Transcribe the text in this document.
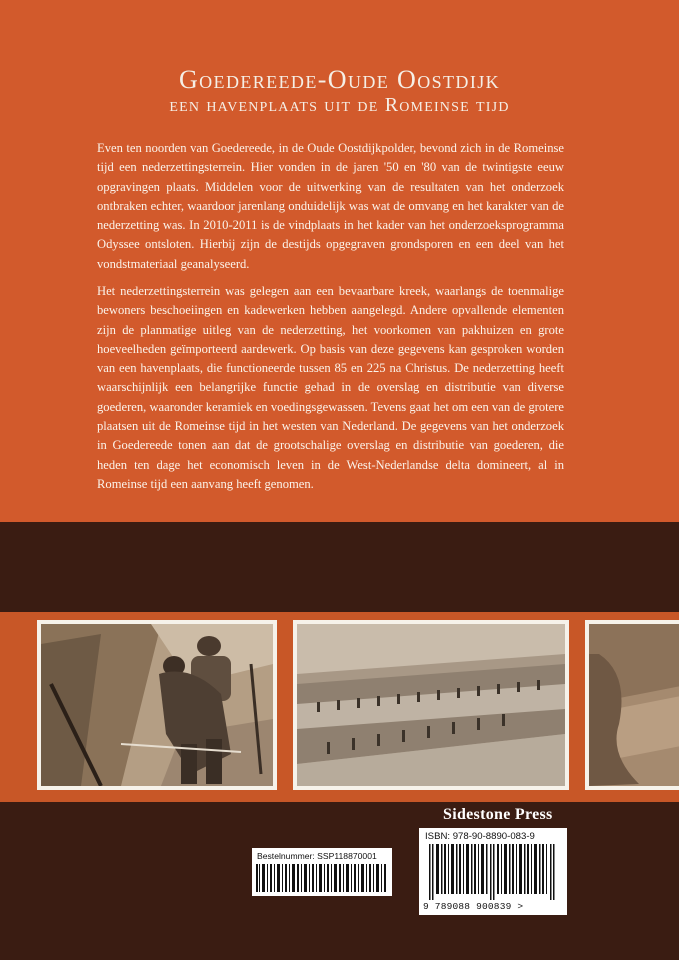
Goedereede-Oude Oostdijk
een havenplaats uit de Romeinse tijd

Even ten noorden van Goedereede, in de Oude Oostdijkpolder, bevond zich in de Romeinse tijd een nederzettingsterrein. Hier vonden in de jaren '50 en '80 van de twintigste eeuw opgravingen plaats. Middelen voor de uitwerking van de resultaten van het onderzoek ontbraken echter, waardoor jarenlang onduidelijk was wat de omvang en het karakter van de nederzetting was. In 2010-2011 is de vindplaats in het kader van het onderzoeksprogramma Odyssee ontsloten. Hierbij zijn de destijds opgegraven grondsporen en een deel van het vondstmateriaal geanalyseerd.

Het nederzettingsterrein was gelegen aan een bevaarbare kreek, waarlangs de toenmalige bewoners beschoeiingen en kadewerken hebben aangelegd. Andere opvallende elementen zijn de planmatige uitleg van de nederzetting, het voorkomen van pakhuizen en grote hoeveelheden geïmporteerd aardewerk. Op basis van deze gegevens kan gesproken worden van een havenplaats, die functioneerde tussen 85 en 225 na Christus. De nederzetting heeft waarschijnlijk een belangrijke functie gehad in de overslag en distributie van diverse goederen, waaronder keramiek en voedingsgewassen. Tevens gaat het om een van de grotere plaatsen uit de Romeinse tijd in het westen van Nederland. De gegevens van het onderzoek in Goedereede tonen aan dat de grootschalige overslag en distributie van goederen, die heden ten dage het economisch leven in de West-Nederlandse delta domineert, al in Romeinse tijd een aanvang heeft genomen.

Sidestone Press
Bestelnummer: SSP118870001
ISBN: 978-90-8890-083-9
9 789088 900839 >
